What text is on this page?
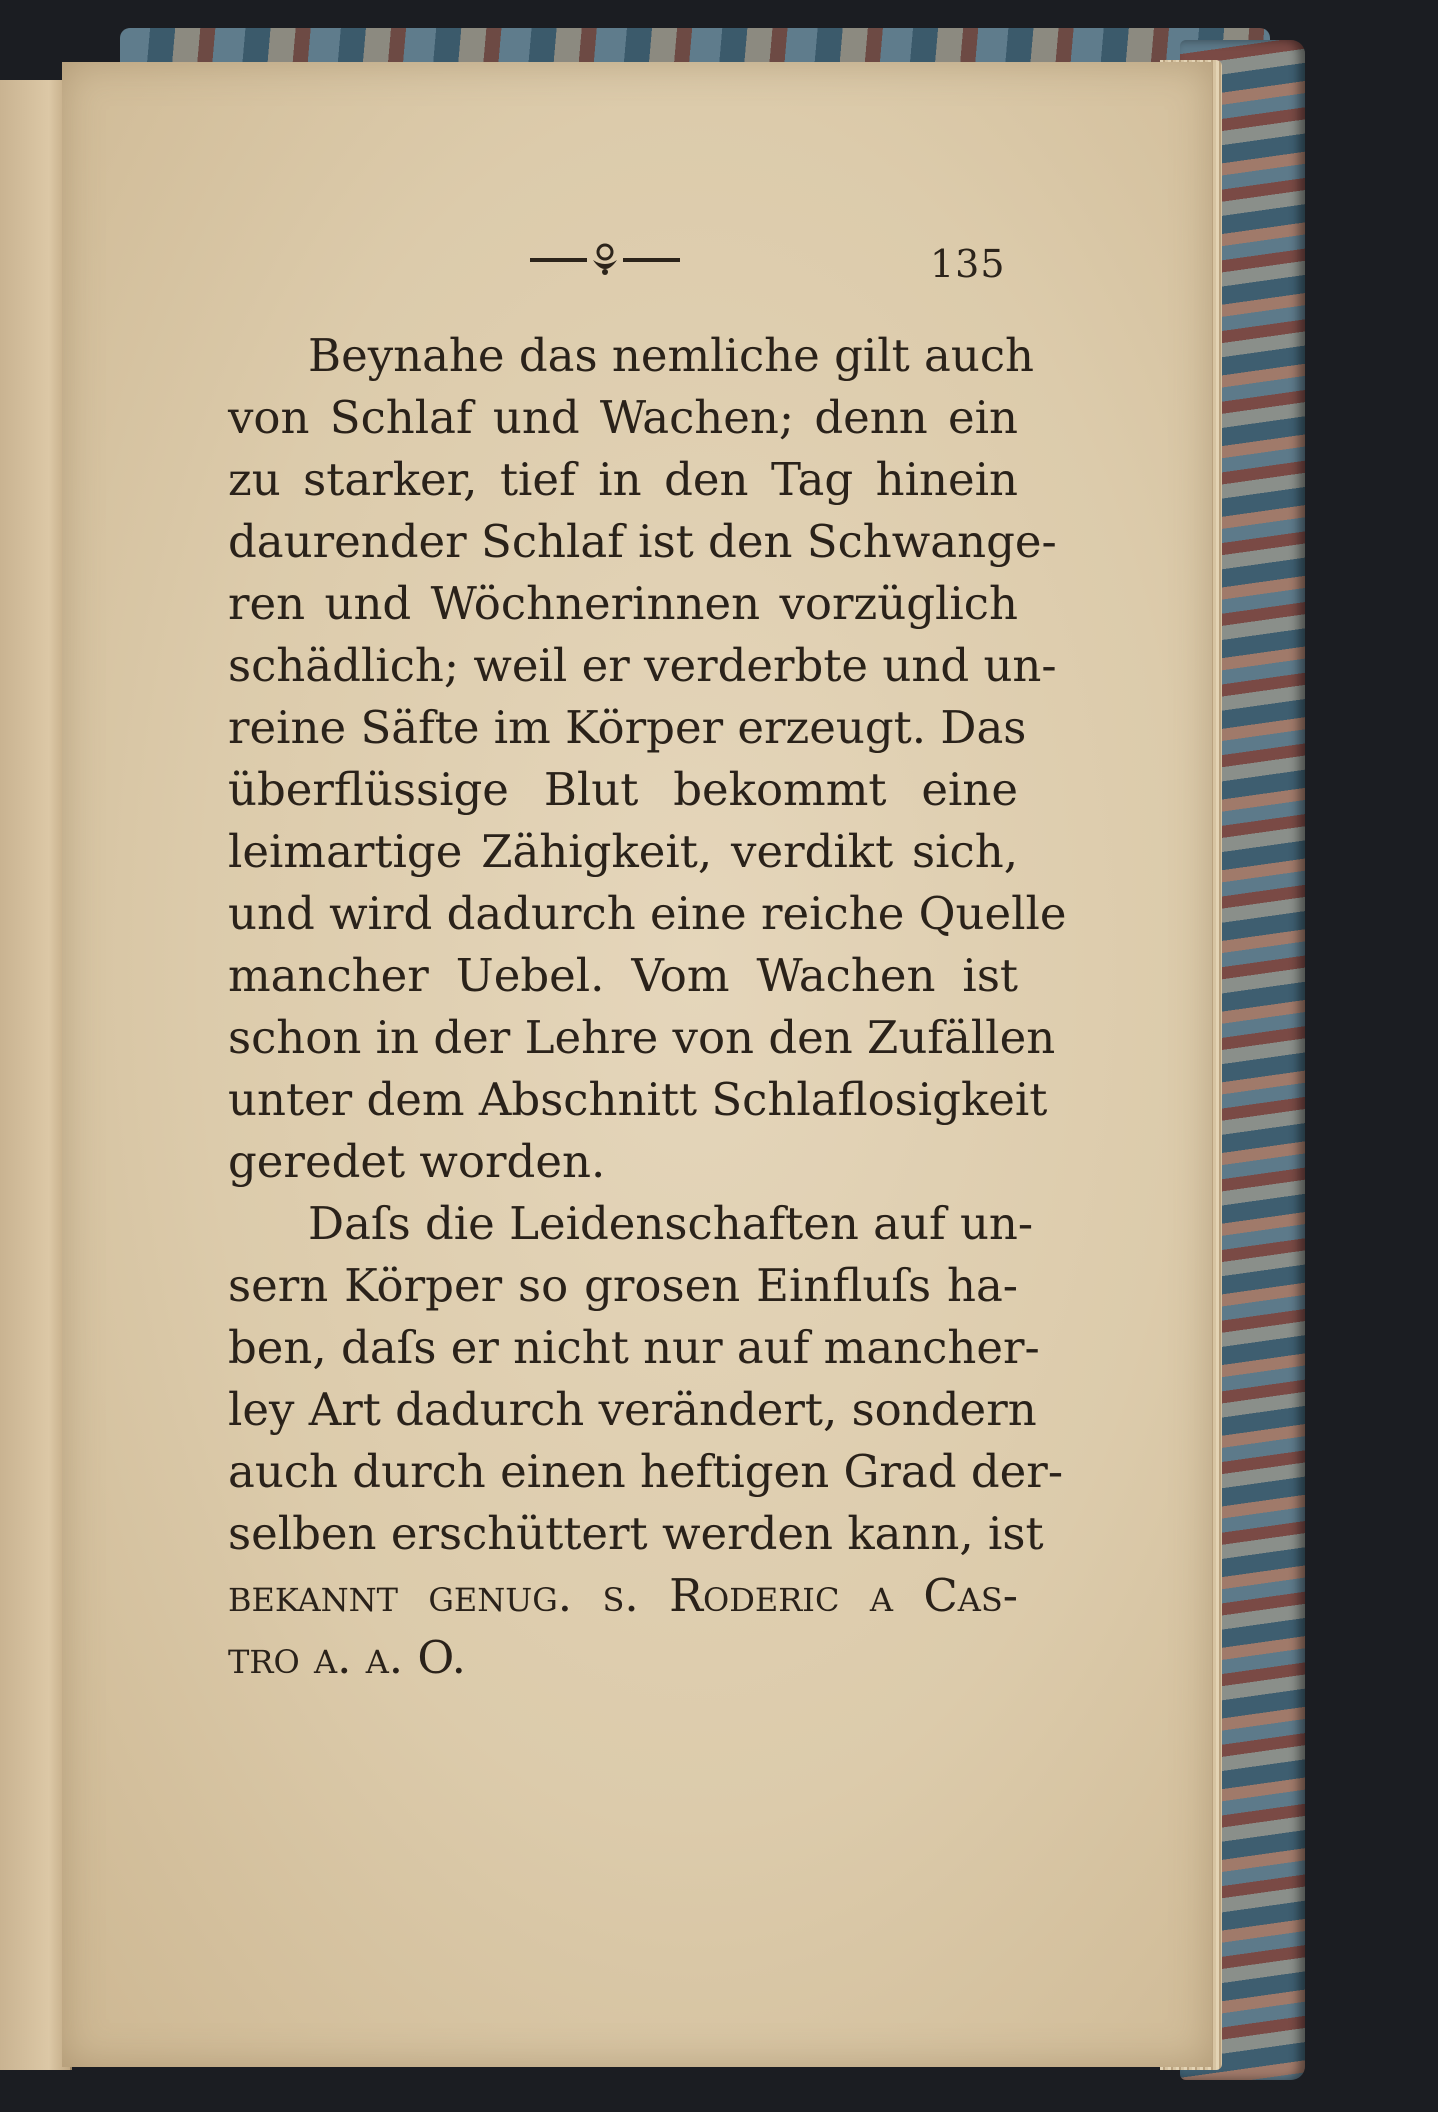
135
Beynahe das nemliche gilt auch
von Schlaf und Wachen; denn ein
zu starker, tief in den Tag hinein
daurender Schlaf ist den Schwange-
ren und Wöchnerinnen vorzüglich
schädlich; weil er verderbte und un-
reine Säfte im Körper erzeugt. Das
überflüssige Blut bekommt eine
leimartige Zähigkeit, verdikt sich,
und wird dadurch eine reiche Quelle
mancher Uebel. Vom Wachen ist
schon in der Lehre von den Zufällen
unter dem Abschnitt Schlaflosigkeit
geredet worden.
Daſs die Leidenschaften auf un-
sern Körper so grosen Einfluſs ha-
ben, daſs er nicht nur auf mancher-
ley Art dadurch verändert, sondern
auch durch einen heftigen Grad der-
selben erschüttert werden kann, ist
bekannt genug. s. Roderic a Cas-
tro a. a. O.
